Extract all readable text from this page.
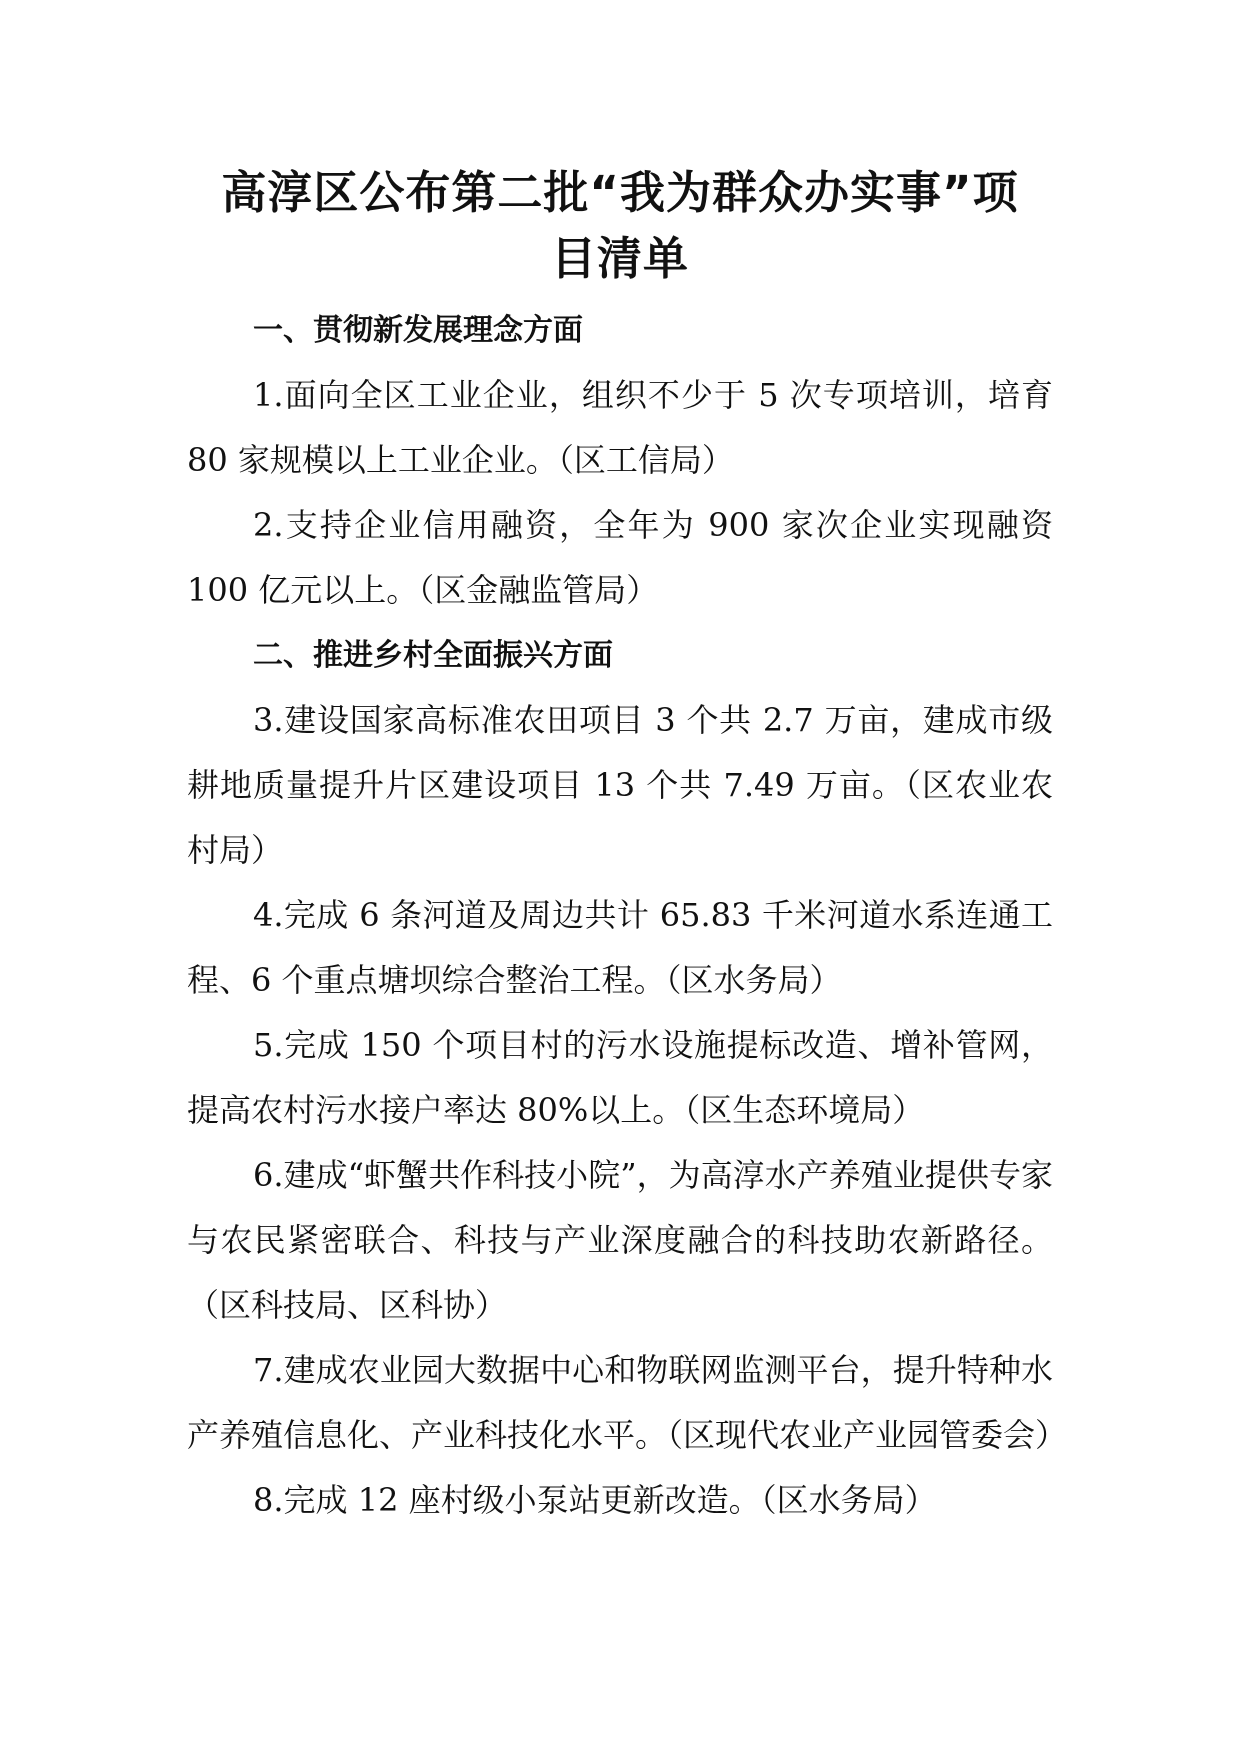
高淳区公布第二批“我为群众办实事”项
目清单

一、贯彻新发展理念方面

1.面向全区工业企业，组织不少于 5 次专项培训，培育 80 家规模以上工业企业。（区工信局）

2.支持企业信用融资，全年为 900 家次企业实现融资 100 亿元以上。（区金融监管局）

二、推进乡村全面振兴方面

3.建设国家高标准农田项目 3 个共 2.7 万亩，建成市级耕地质量提升片区建设项目 13 个共 7.49 万亩。（区农业农村局）

4.完成 6 条河道及周边共计 65.83 千米河道水系连通工程、6 个重点塘坝综合整治工程。（区水务局）

5.完成 150 个项目村的污水设施提标改造、增补管网，提高农村污水接户率达 80%以上。（区生态环境局）

6.建成“虾蟹共作科技小院”，为高淳水产养殖业提供专家与农民紧密联合、科技与产业深度融合的科技助农新路径。（区科技局、区科协）

7.建成农业园大数据中心和物联网监测平台，提升特种水产养殖信息化、产业科技化水平。（区现代农业产业园管委会）

8.完成 12 座村级小泵站更新改造。（区水务局）
